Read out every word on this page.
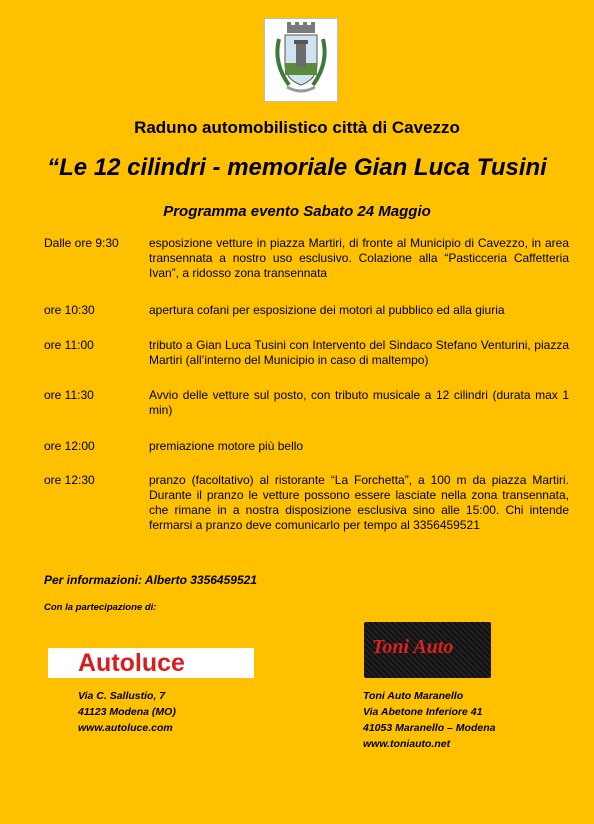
Raduno automobilistico città di Cavezzo
“Le 12 cilindri - memoriale Gian Luca Tusini
Programma evento Sabato 24 Maggio
Dalle ore 9:30	esposizione vetture in piazza Martiri, di fronte al Municipio di Cavezzo, in area transennata a nostro uso esclusivo. Colazione alla “Pasticceria Caffetteria Ivan”, a ridosso zona transennata
ore 10:30	apertura cofani per esposizione dei motori al pubblico ed alla giuria
ore 11:00	tributo a Gian Luca Tusini con Intervento del Sindaco Stefano Venturini, piazza Martiri (all’interno del Municipio in caso di maltempo)
ore 11:30	Avvio delle vetture sul posto, con tributo musicale a 12 cilindri (durata max 1 min)
ore 12:00	premiazione motore più bello
ore 12:30	pranzo (facoltativo) al ristorante “La Forchetta”, a 100 m da piazza Martiri. Durante il pranzo le vetture possono essere lasciate nella zona transennata, che rimane in a nostra disposizione esclusiva sino alle 15:00. Chi intende fermarsi a pranzo deve comunicarlo per tempo al 3356459521
Per informazioni: Alberto 3356459521
Con la partecipazione di:
Autoluce
Toni Auto
Via C. Sallustio, 7
41123 Modena (MO)
www.autoluce.com
Toni Auto Maranello
Via Abetone Inferiore 41
41053 Maranello – Modena
www.toniauto.net
